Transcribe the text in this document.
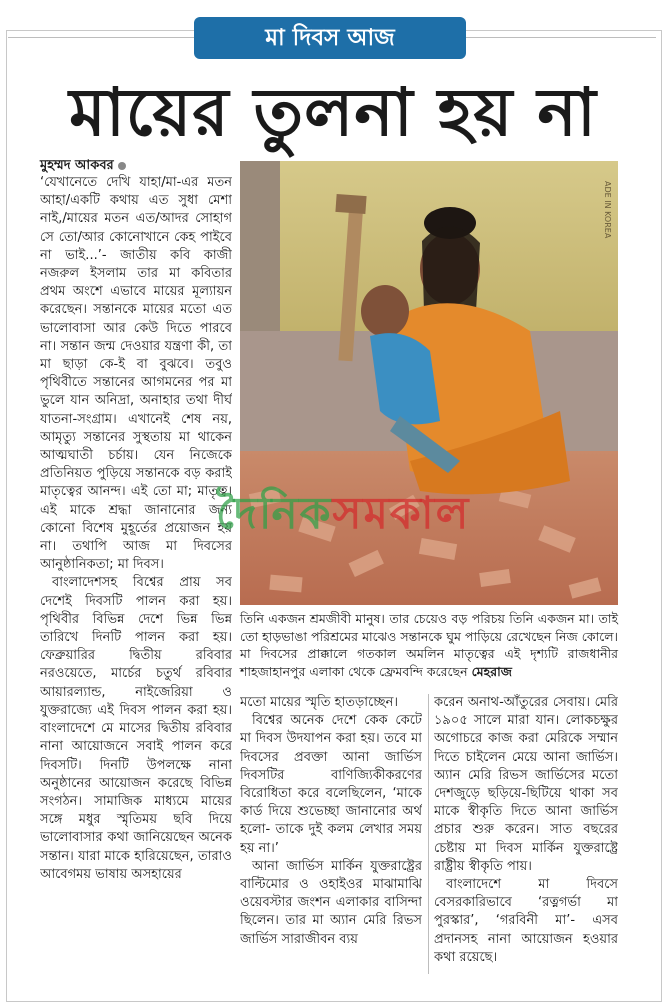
মা দিবস আজ
মায়ের তুলনা হয় না
মুহম্মদ আকবর

‘যেখানেতে দেখি যাহা/মা-এর মতন আহা/একটি কথায় এত সুধা মেশা নাই,/মায়ের মতন এত/আদর সোহাগ সে তো/আর কোনোখানে কেহ পাইবে না ভাই...’- জাতীয় কবি কাজী নজরুল ইসলাম তার মা কবিতার প্রথম অংশে এভাবে মায়ের মূল্যায়ন করেছেন। সন্তানকে মায়ের মতো এত ভালোবাসা আর কেউ দিতে পারবে না। সন্তান জন্ম দেওয়ার যন্ত্রণা কী, তা মা ছাড়া কে-ই বা বুঝবে। তবুও পৃথিবীতে সন্তানের আগমনের পর মা ভুলে যান অনিদ্রা, অনাহার তথা দীর্ঘ যাতনা-সংগ্রাম। এখানেই শেষ নয়, আমৃত্যু সন্তানের সুস্থতায় মা থাকেন আত্মঘাতী চর্চায়। যেন নিজেকে প্রতিনিয়ত পুড়িয়ে সন্তানকে বড় করাই মাতৃত্বের আনন্দ। এই তো মা; মাতৃত্ব। এই মাকে শ্রদ্ধা জানানোর জন্য কোনো বিশেষ মুহূর্তের প্রয়োজন হয় না। তথাপি আজ মা দিবসের আনুষ্ঠানিকতা; মা দিবস।

বাংলাদেশসহ বিশ্বের প্রায় সব দেশেই দিবসটি পালন করা হয়। পৃথিবীর বিভিন্ন দেশে ভিন্ন ভিন্ন তারিখে দিনটি পালন করা হয়। ফেব্রুয়ারির দ্বিতীয় রবিবার নরওয়েতে, মার্চের চতুর্থ রবিবার আয়ারল্যান্ড, নাইজেরিয়া ও যুক্তরাজ্যে এই দিবস পালন করা হয়। বাংলাদেশে মে মাসের দ্বিতীয় রবিবার নানা আয়োজনে সবাই পালন করে দিবসটি। দিনটি উপলক্ষে নানা অনুষ্ঠানের আয়োজন করেছে বিভিন্ন সংগঠন। সামাজিক মাধ্যমে মায়ের সঙ্গে মধুর স্মৃতিময় ছবি দিয়ে ভালোবাসার কথা জানিয়েছেন অনেক সন্তান। যারা মাকে হারিয়েছেন, তারাও আবেগময় ভাষায় অসহায়ের

ADE IN KOREA
দৈনিকসমকাল
তিনি একজন শ্রমজীবী মানুষ। তার চেয়েও বড় পরিচয় তিনি একজন মা। তাই তো হাড়ভাঙা পরিশ্রমের মাঝেও সন্তানকে ঘুম পাড়িয়ে রেখেছেন নিজ কোলে। মা দিবসের প্রাক্কালে গতকাল অমলিন মাতৃত্বের এই দৃশ্যটি রাজধানীর শাহজাহানপুর এলাকা থেকে ফ্রেমবন্দি করেছেন মেহরাজ

মতো মায়ের স্মৃতি হাতড়াচ্ছেন।

বিশ্বের অনেক দেশে কেক কেটে মা দিবস উদযাপন করা হয়। তবে মা দিবসের প্রবক্তা আনা জার্ভিস দিবসটির বাণিজ্যিকীকরণের বিরোধিতা করে বলেছিলেন, ‘মাকে কার্ড দিয়ে শুভেচ্ছা জানানোর অর্থ হলো- তাকে দুই কলম লেখার সময় হয় না।’

আনা জার্ভিস মার্কিন যুক্তরাষ্ট্রের বাল্টিমোর ও ওহাইওর মাঝামাঝি ওয়েবস্টার জংশন এলাকার বাসিন্দা ছিলেন। তার মা অ্যান মেরি রিভস জার্ভিস সারাজীবন ব্যয়

করেন অনাথ-আঁতুরের সেবায়। মেরি ১৯০৫ সালে মারা যান। লোকচক্ষুর অগোচরে কাজ করা মেরিকে সম্মান দিতে চাইলেন মেয়ে আনা জার্ভিস। অ্যান মেরি রিভস জার্ভিসের মতো দেশজুড়ে ছড়িয়ে-ছিটিয়ে থাকা সব মাকে স্বীকৃতি দিতে আনা জার্ভিস প্রচার শুরু করেন। সাত বছরের চেষ্টায় মা দিবস মার্কিন যুক্তরাষ্ট্রে রাষ্ট্রীয় স্বীকৃতি পায়।

বাংলাদেশে মা দিবসে বেসরকারিভাবে ‘রত্নগর্ভা মা পুরস্কার’, ‘গরবিনী মা’- এসব প্রদানসহ নানা আয়োজন হওয়ার কথা রয়েছে।
